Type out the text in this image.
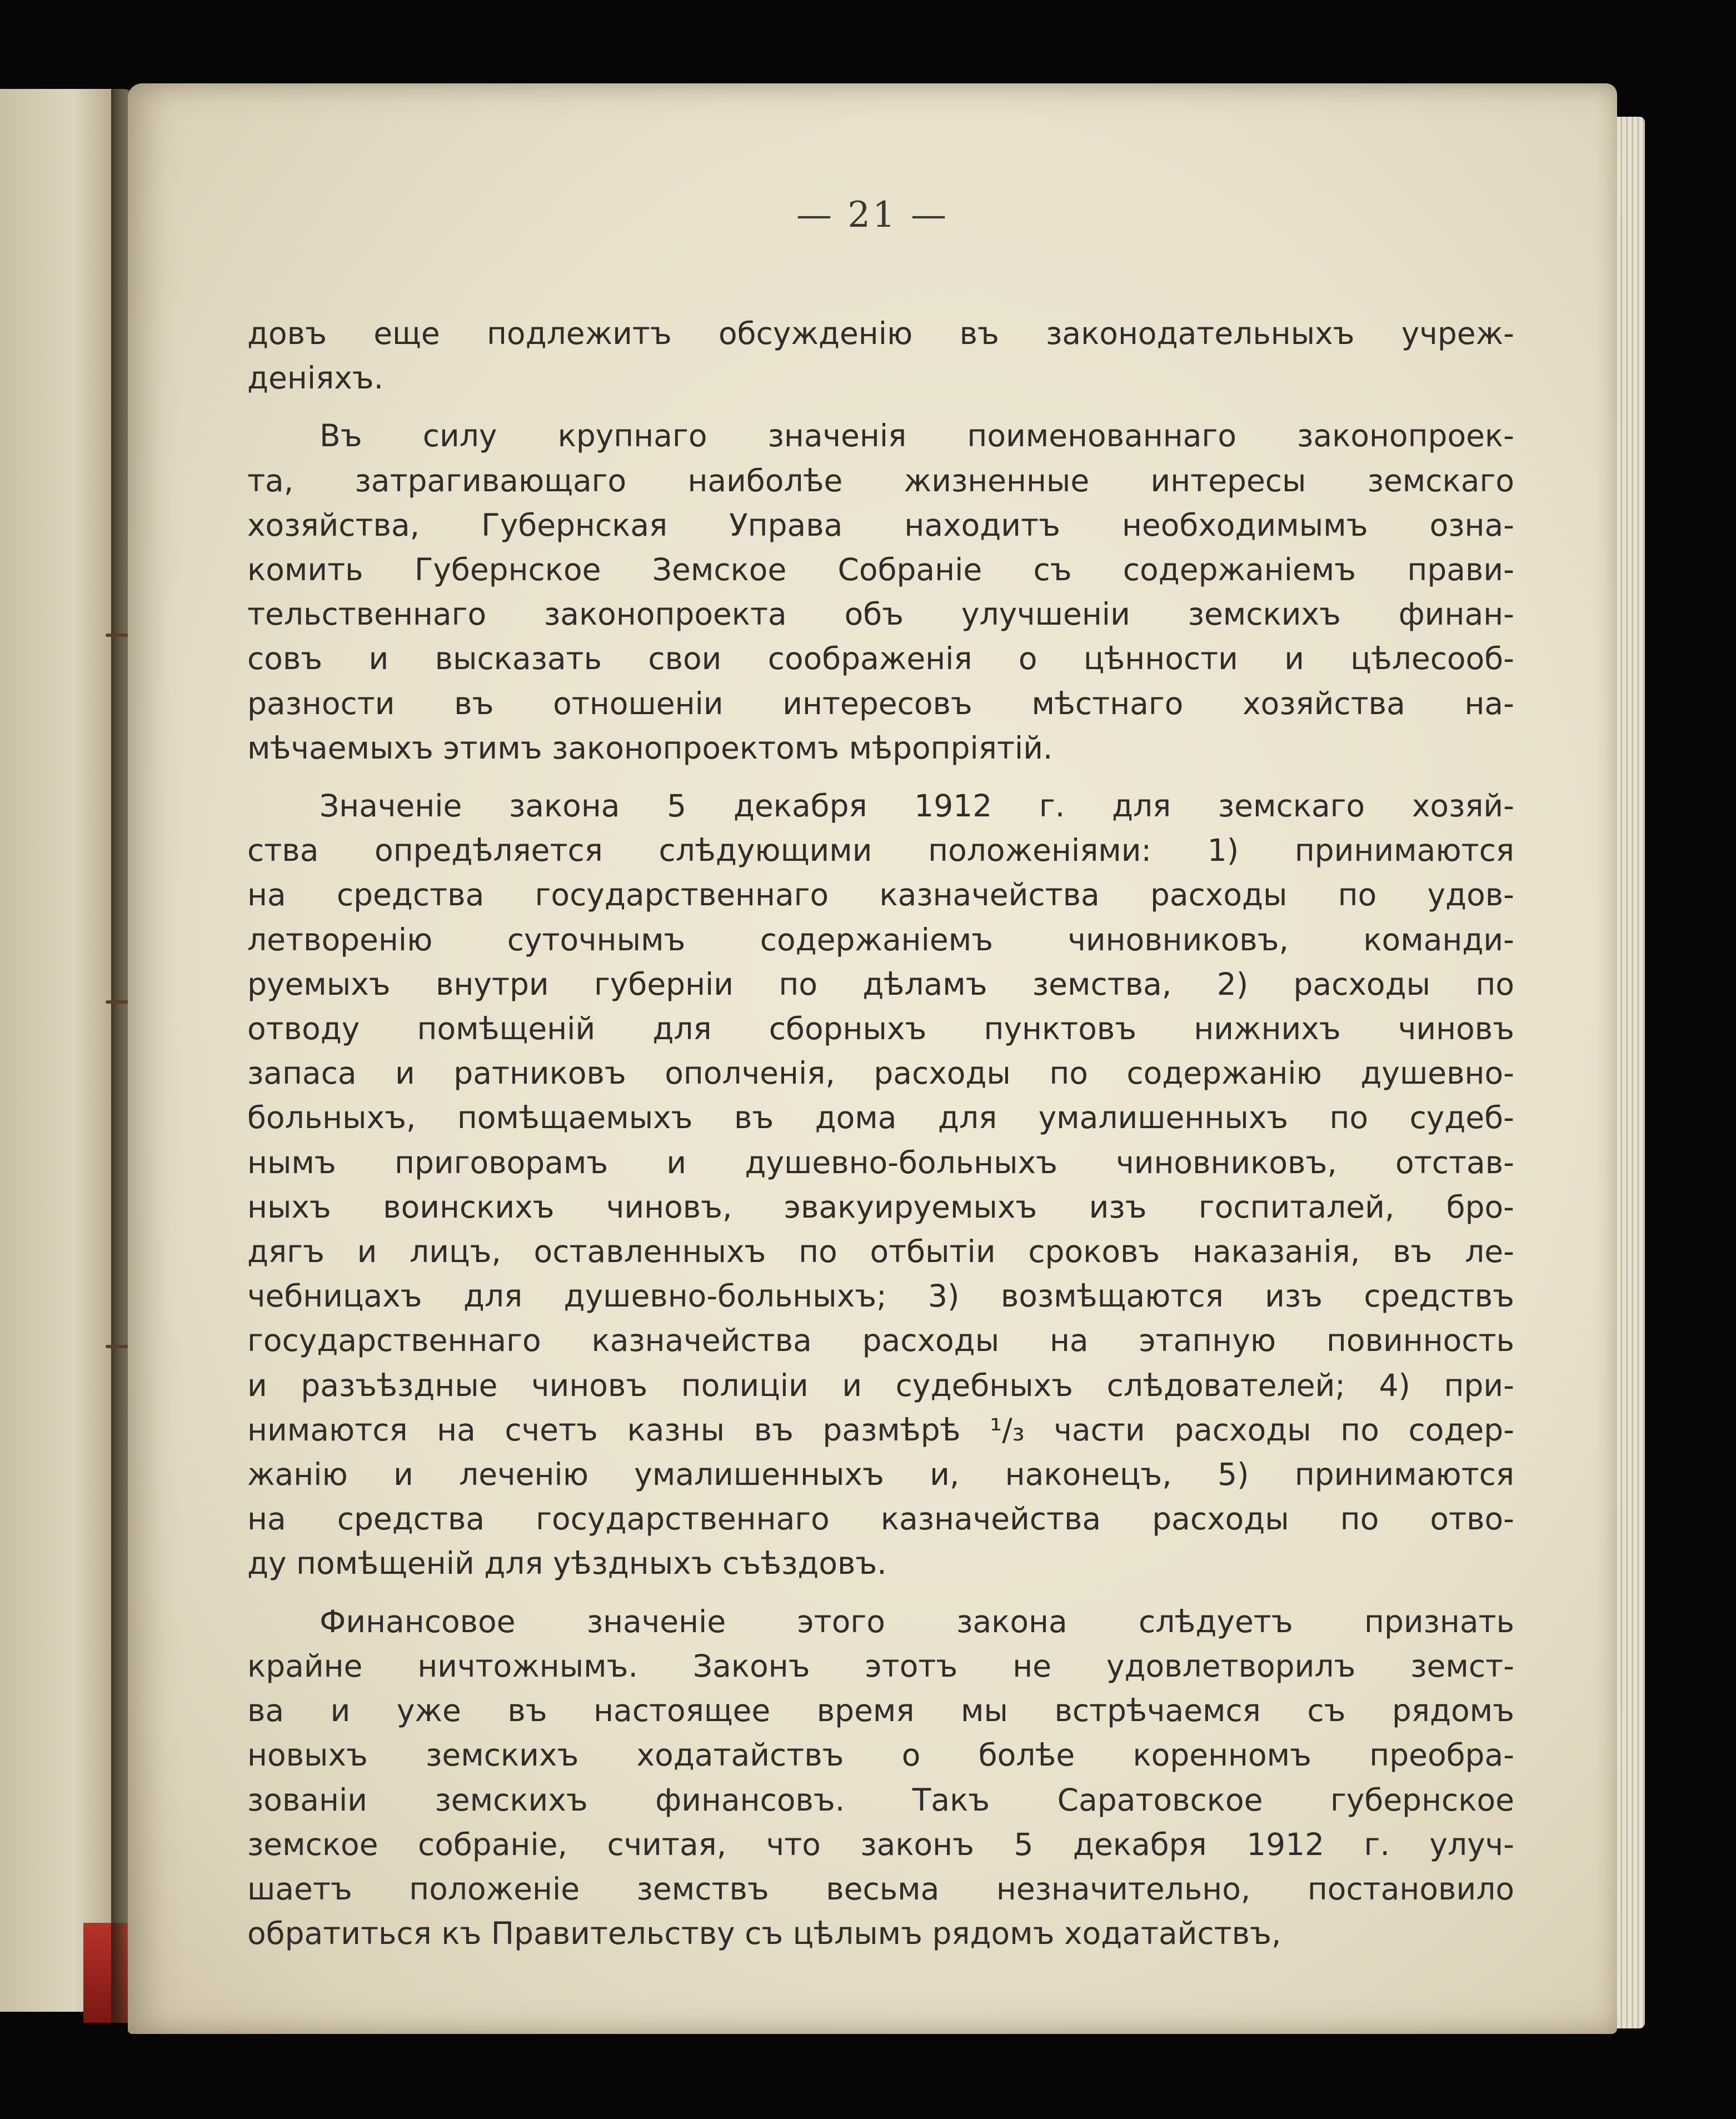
— 21 —

довъ еще подлежитъ обсужденію въ законодательныхъ учреж-
деніяхъ.

Въ силу крупнаго значенія поименованнаго законопроек-
та, затрагивающаго наиболѣе жизненные интересы земскаго
хозяйства, Губернская Управа находитъ необходимымъ озна-
комить Губернское Земское Собраніе съ содержаніемъ прави-
тельственнаго законопроекта объ улучшеніи земскихъ финан-
совъ и высказать свои соображенія о цѣнности и цѣлесооб-
разности въ отношеніи интересовъ мѣстнаго хозяйства на-
мѣчаемыхъ этимъ законопроектомъ мѣропріятій.

Значеніе закона 5 декабря 1912 г. для земскаго хозяй-
ства опредѣляется слѣдующими положеніями: 1) принимаются
на средства государственнаго казначейства расходы по удов-
летворенію суточнымъ содержаніемъ чиновниковъ, команди-
руемыхъ внутри губерніи по дѣламъ земства, 2) расходы по
отводу помѣщеній для сборныхъ пунктовъ нижнихъ чиновъ
запаса и ратниковъ ополченія, расходы по содержанію душевно-
больныхъ, помѣщаемыхъ въ дома для умалишенныхъ по судеб-
нымъ приговорамъ и душевно-больныхъ чиновниковъ, отстав-
ныхъ воинскихъ чиновъ, эвакуируемыхъ изъ госпиталей, бро-
дягъ и лицъ, оставленныхъ по отбытіи сроковъ наказанія, въ ле-
чебницахъ для душевно-больныхъ; 3) возмѣщаются изъ средствъ
государственнаго казначейства расходы на этапную повинность
и разъѣздные чиновъ полиціи и судебныхъ слѣдователей; 4) при-
нимаются на счетъ казны въ размѣрѣ ¹/₃ части расходы по содер-
жанію и леченію умалишенныхъ и, наконецъ, 5) принимаются
на средства государственнаго казначейства расходы по отво-
ду помѣщеній для уѣздныхъ съѣздовъ.

Финансовое значеніе этого закона слѣдуетъ признать
крайне ничтожнымъ. Законъ этотъ не удовлетворилъ земст-
ва и уже въ настоящее время мы встрѣчаемся съ рядомъ
новыхъ земскихъ ходатайствъ о болѣе коренномъ преобра-
зованіи земскихъ финансовъ. Такъ Саратовское губернское
земское собраніе, считая, что законъ 5 декабря 1912 г. улуч-
шаетъ положеніе земствъ весьма незначительно, постановило
обратиться къ Правительству съ цѣлымъ рядомъ ходатайствъ,
